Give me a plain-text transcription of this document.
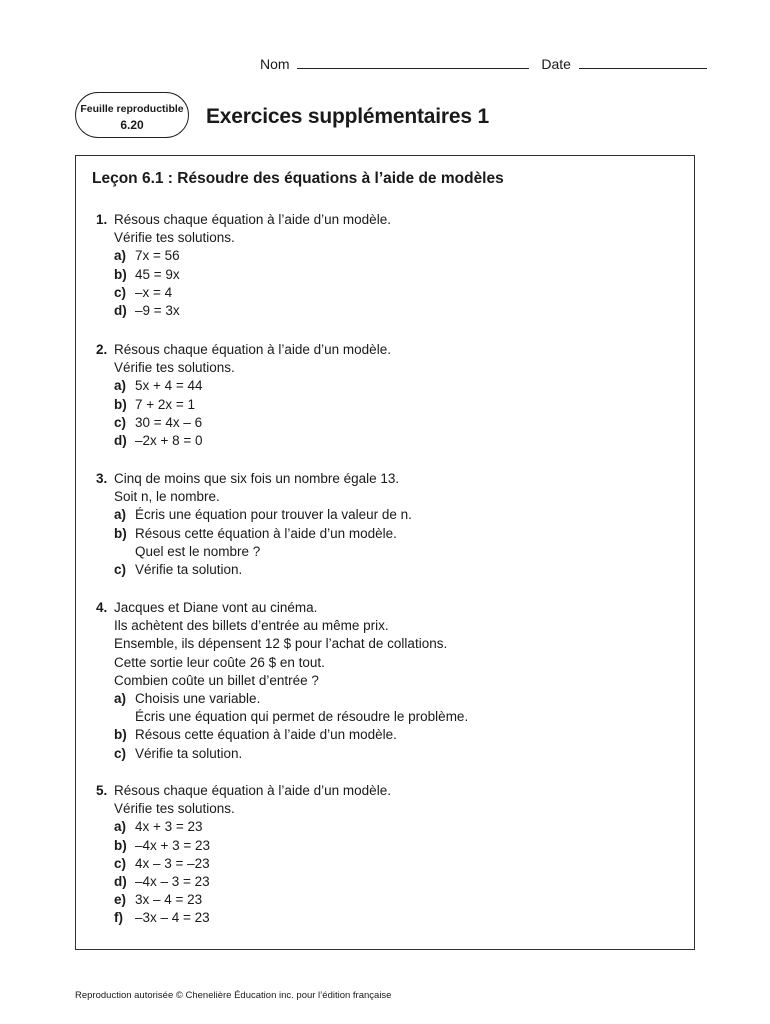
Nom	Date
Feuille reproductible
6.20	Exercices supplémentaires 1
Leçon 6.1 : Résoudre des équations à l’aide de modèles
1. Résous chaque équation à l’aide d’un modèle.
Vérifie tes solutions.
a) 7x = 56
b) 45 = 9x
c) –x = 4
d) –9 = 3x
2. Résous chaque équation à l’aide d’un modèle.
Vérifie tes solutions.
a) 5x + 4 = 44
b) 7 + 2x = 1
c) 30 = 4x – 6
d) –2x + 8 = 0
3. Cinq de moins que six fois un nombre égale 13.
Soit n, le nombre.
a) Écris une équation pour trouver la valeur de n.
b) Résous cette équation à l’aide d’un modèle.
Quel est le nombre ?
c) Vérifie ta solution.
4. Jacques et Diane vont au cinéma.
Ils achètent des billets d’entrée au même prix.
Ensemble, ils dépensent 12 $ pour l’achat de collations.
Cette sortie leur coûte 26 $ en tout.
Combien coûte un billet d’entrée ?
a) Choisis une variable.
Écris une équation qui permet de résoudre le problème.
b) Résous cette équation à l’aide d’un modèle.
c) Vérifie ta solution.
5. Résous chaque équation à l’aide d’un modèle.
Vérifie tes solutions.
a) 4x + 3 = 23
b) –4x + 3 = 23
c) 4x – 3 = –23
d) –4x – 3 = 23
e) 3x – 4 = 23
f) –3x – 4 = 23
Reproduction autorisée © Chenelière Éducation inc. pour l’édition française
